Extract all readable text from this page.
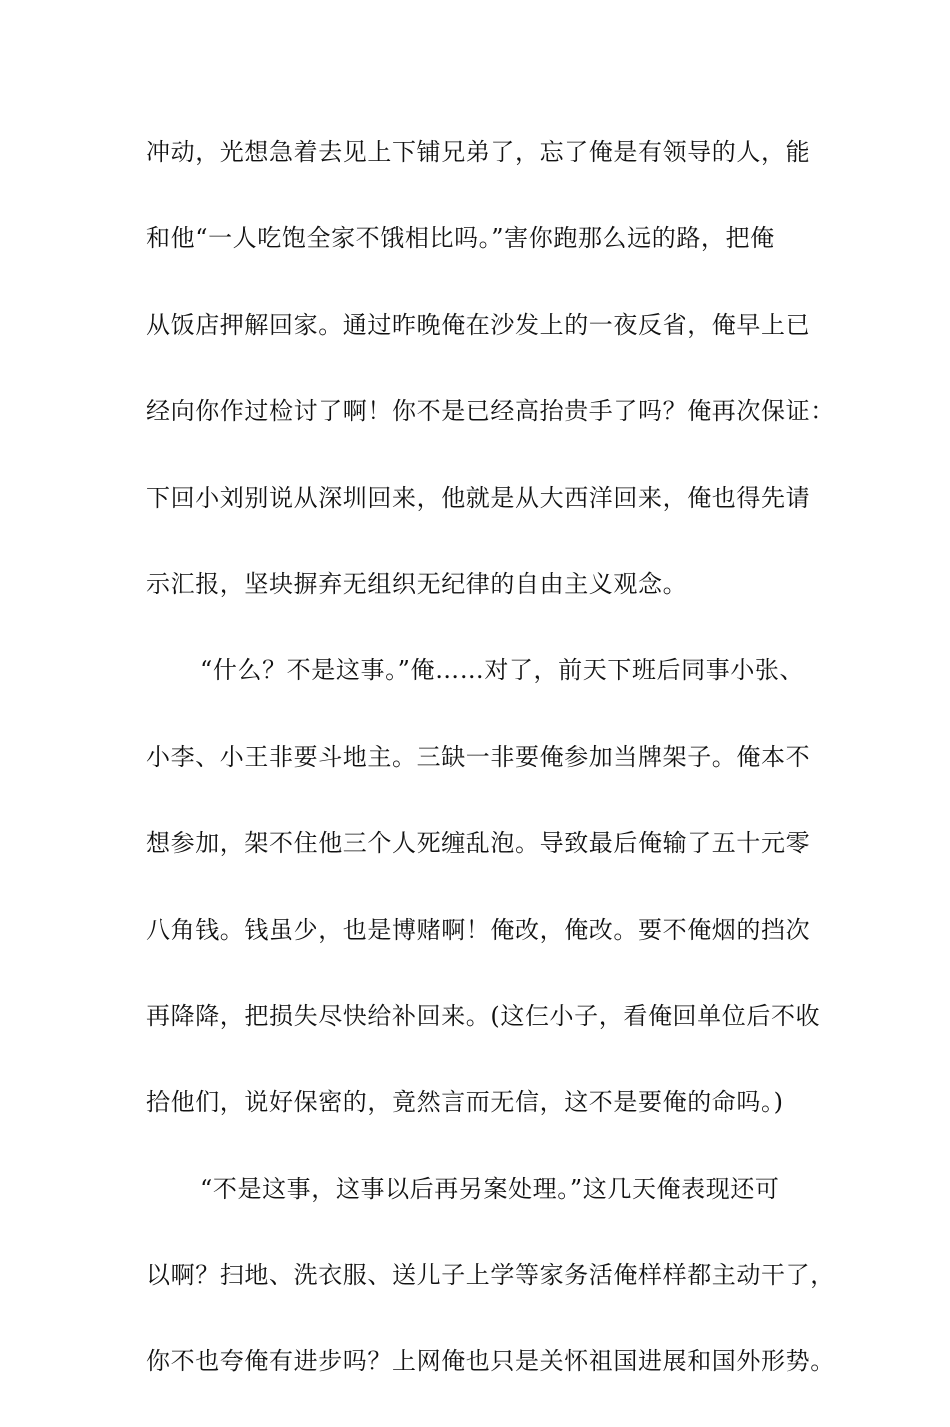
冲动，光想急着去见上下铺兄弟了，忘了俺是有领导的人，能
和他“一人吃饱全家不饿相比吗。”害你跑那么远的路，把俺
从饭店押解回家。通过昨晚俺在沙发上的一夜反省，俺早上已
经向你作过检讨了啊！你不是已经高抬贵手了吗？俺再次保证：
下回小刘别说从深圳回来，他就是从大西洋回来，俺也得先请
示汇报，坚块摒弃无组织无纪律的自由主义观念。
“什么？不是这事。”俺……对了，前天下班后同事小张、
小李、小王非要斗地主。三缺一非要俺参加当牌架子。俺本不
想参加，架不住他三个人死缠乱泡。导致最后俺输了五十元零
八角钱。钱虽少，也是博赌啊！俺改，俺改。要不俺烟的挡次
再降降，把损失尽快给补回来。(这仨小子，看俺回单位后不收
拾他们，说好保密的，竟然言而无信，这不是要俺的命吗。)
“不是这事，这事以后再另案处理。”这几天俺表现还可
以啊？扫地、洗衣服、送儿子上学等家务活俺样样都主动干了，
你不也夸俺有进步吗？上网俺也只是关怀祖国进展和国外形势。
